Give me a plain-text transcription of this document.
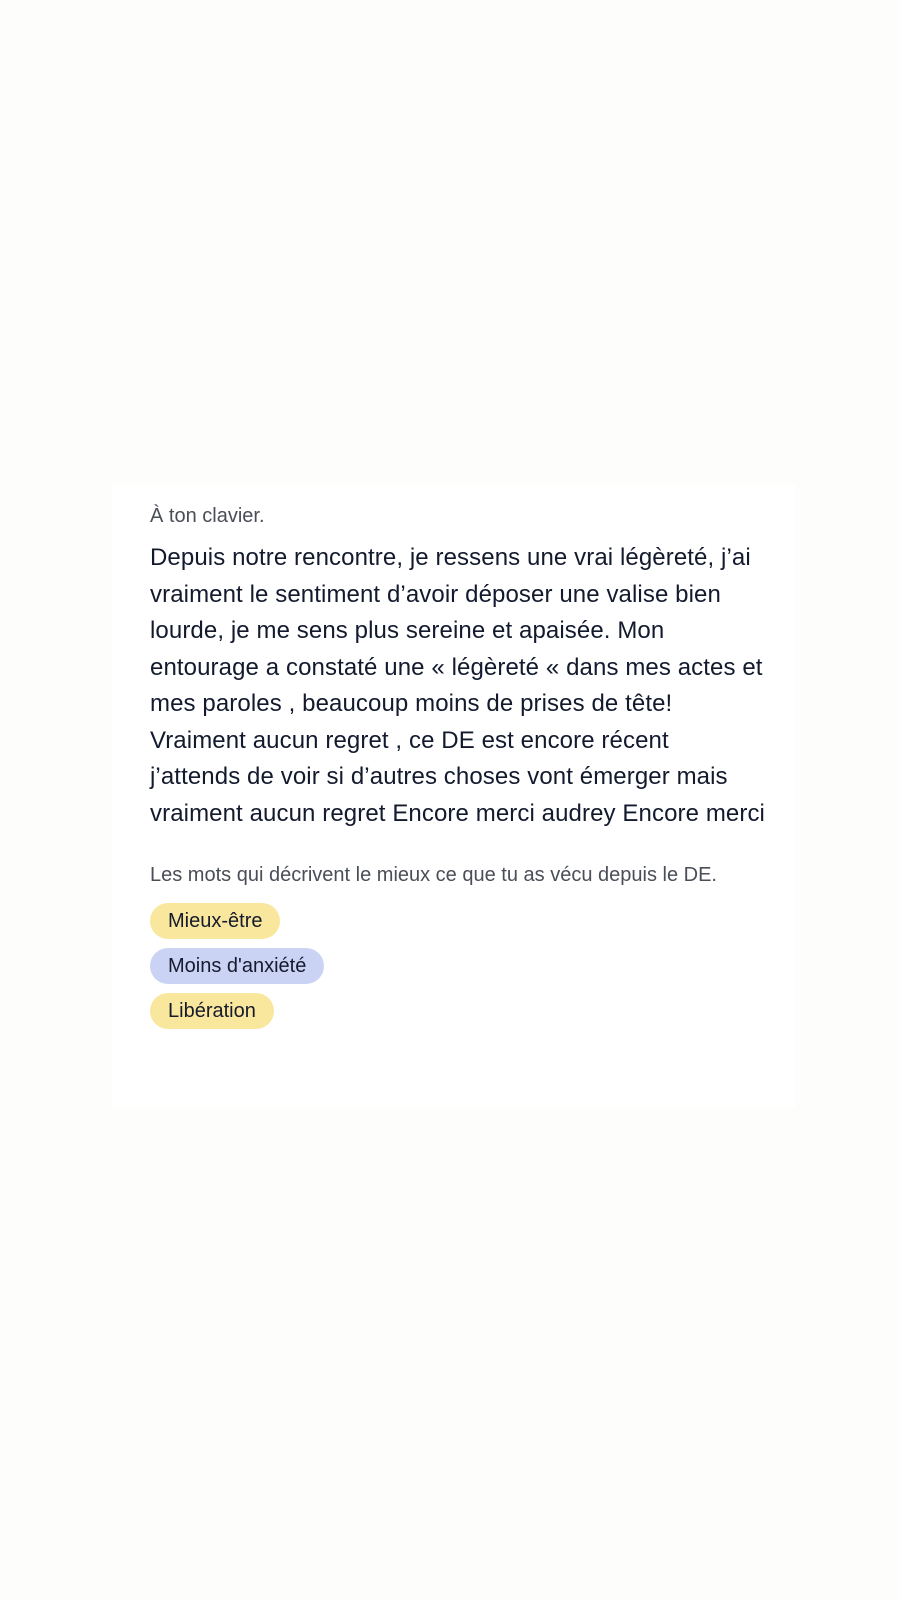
À ton clavier.

Depuis notre rencontre, je ressens une vrai légèreté, j’ai vraiment le sentiment d’avoir déposer une valise bien lourde, je me sens plus sereine et apaisée. Mon entourage a constaté une « légèreté « dans mes actes et mes paroles , beaucoup moins de prises de tête! Vraiment aucun regret , ce DE est encore récent j’attends de voir si d’autres choses vont émerger mais vraiment aucun regret Encore merci audrey Encore merci

Les mots qui décrivent le mieux ce que tu as vécu depuis le DE.

Mieux-être
Moins d'anxiété
Libération
